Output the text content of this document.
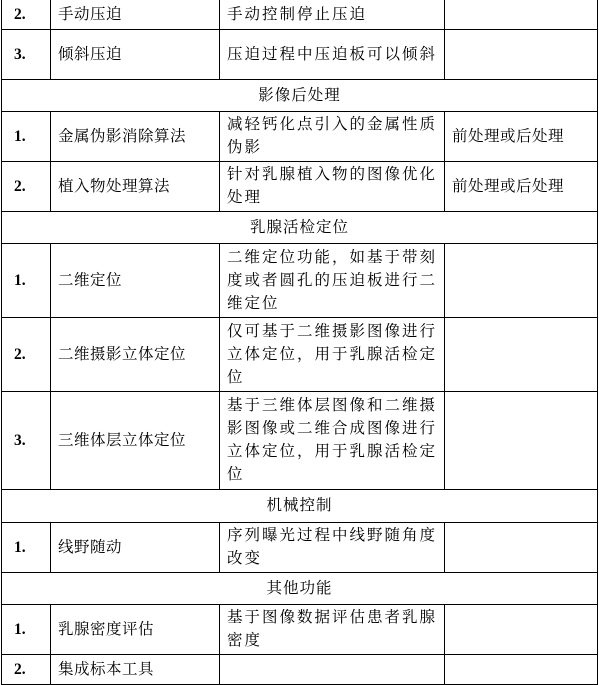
2.	手动压迫	手动控制停止压迫	
3.	倾斜压迫	压迫过程中压迫板可以倾斜	
影像后处理			
1.	金属伪影消除算法	减轻钙化点引入的金属性质伪影	前处理或后处理
2.	植入物处理算法	针对乳腺植入物的图像优化处理	前处理或后处理
乳腺活检定位			
1.	二维定位	二维定位功能，如基于带刻度或者圆孔的压迫板进行二维定位	
2.	二维摄影立体定位	仅可基于二维摄影图像进行立体定位，用于乳腺活检定位	
3.	三维体层立体定位	基于三维体层图像和二维摄影图像或二维合成图像进行立体定位，用于乳腺活检定位	
机械控制			
1.	线野随动	序列曝光过程中线野随角度改变	
其他功能			
1.	乳腺密度评估	基于图像数据评估患者乳腺密度	
2.	集成标本工具		
